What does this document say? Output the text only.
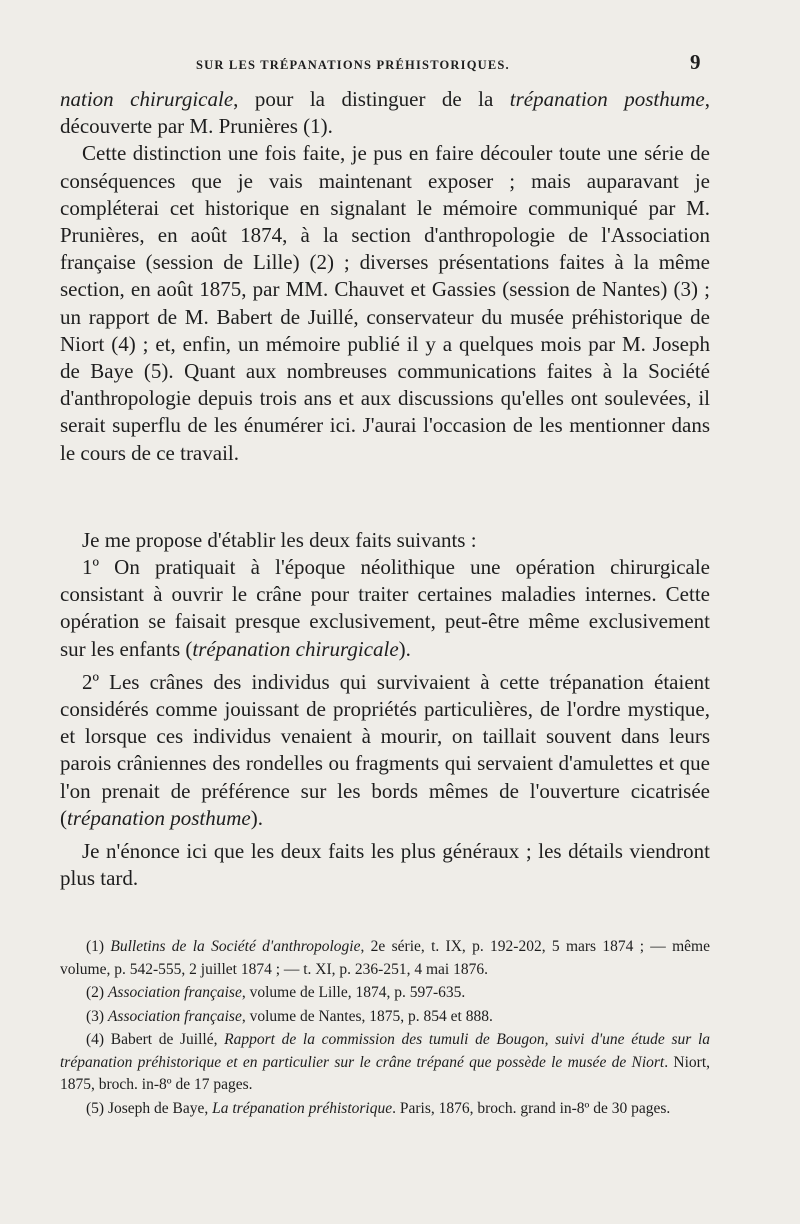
SUR LES TRÉPANATIONS PRÉHISTORIQUES.	9

nation chirurgicale, pour la distinguer de la trépanation posthume, découverte par M. Prunières (1).

Cette distinction une fois faite, je pus en faire découler toute une série de conséquences que je vais maintenant exposer ; mais auparavant je compléterai cet historique en signalant le mémoire communiqué par M. Prunières, en août 1874, à la section d'anthropologie de l'Association française (session de Lille) (2) ; diverses présentations faites à la même section, en août 1875, par MM. Chauvet et Gassies (session de Nantes) (3) ; un rapport de M. Babert de Juillé, conservateur du musée préhistorique de Niort (4) ; et, enfin, un mémoire publié il y a quelques mois par M. Joseph de Baye (5). Quant aux nombreuses communications faites à la Société d'anthropologie depuis trois ans et aux discussions qu'elles ont soulevées, il serait superflu de les énumérer ici. J'aurai l'occasion de les mentionner dans le cours de ce travail.

Je me propose d'établir les deux faits suivants :

1º On pratiquait à l'époque néolithique une opération chirurgicale consistant à ouvrir le crâne pour traiter certaines maladies internes. Cette opération se faisait presque exclusivement, peut-être même exclusivement sur les enfants (trépanation chirurgicale).

2º Les crânes des individus qui survivaient à cette trépanation étaient considérés comme jouissant de propriétés particulières, de l'ordre mystique, et lorsque ces individus venaient à mourir, on taillait souvent dans leurs parois crâniennes des rondelles ou fragments qui servaient d'amulettes et que l'on prenait de préférence sur les bords mêmes de l'ouverture cicatrisée (trépanation posthume).

Je n'énonce ici que les deux faits les plus généraux ; les détails viendront plus tard.

(1) Bulletins de la Société d'anthropologie, 2e série, t. IX, p. 192-202, 5 mars 1874 ; — même volume, p. 542-555, 2 juillet 1874 ; — t. XI, p. 236-251, 4 mai 1876.

(2) Association française, volume de Lille, 1874, p. 597-635.

(3) Association française, volume de Nantes, 1875, p. 854 et 888.

(4) Babert de Juillé, Rapport de la commission des tumuli de Bougon, suivi d'une étude sur la trépanation préhistorique et en particulier sur le crâne trépané que possède le musée de Niort. Niort, 1875, broch. in-8º de 17 pages.

(5) Joseph de Baye, La trépanation préhistorique. Paris, 1876, broch. grand in-8º de 30 pages.
